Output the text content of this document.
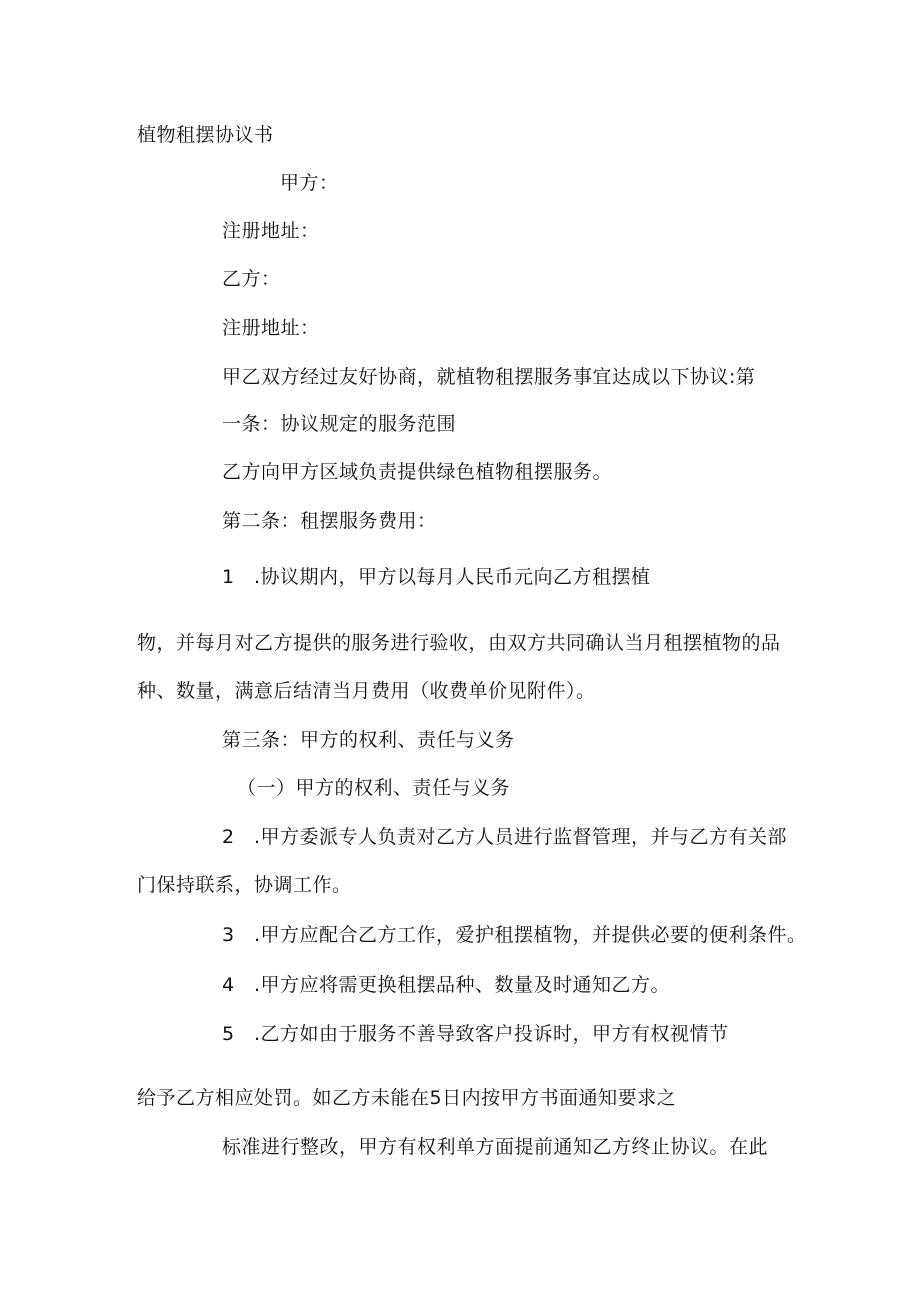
植物租摆协议书
甲方：
注册地址：
乙方：
注册地址：
甲乙双方经过友好协商，就植物租摆服务事宜达成以下协议:第
一条：协议规定的服务范围
乙方向甲方区域负责提供绿色植物租摆服务。
第二条：租摆服务费用：
1 .协议期内，甲方以每月人民币元向乙方租摆植
物，并每月对乙方提供的服务进行验收，由双方共同确认当月租摆植物的品
种、数量，满意后结清当月费用（收费单价见附件）。
第三条：甲方的权利、责任与义务
（一）甲方的权利、责任与义务
2 .甲方委派专人负责对乙方人员进行监督管理，并与乙方有关部
门保持联系，协调工作。
3 .甲方应配合乙方工作，爱护租摆植物，并提供必要的便利条件。
4 .甲方应将需更换租摆品种、数量及时通知乙方。
5 .乙方如由于服务不善导致客户投诉时，甲方有权视情节
给予乙方相应处罚。如乙方未能在5日内按甲方书面通知要求之
标准进行整改，甲方有权利单方面提前通知乙方终止协议。在此
